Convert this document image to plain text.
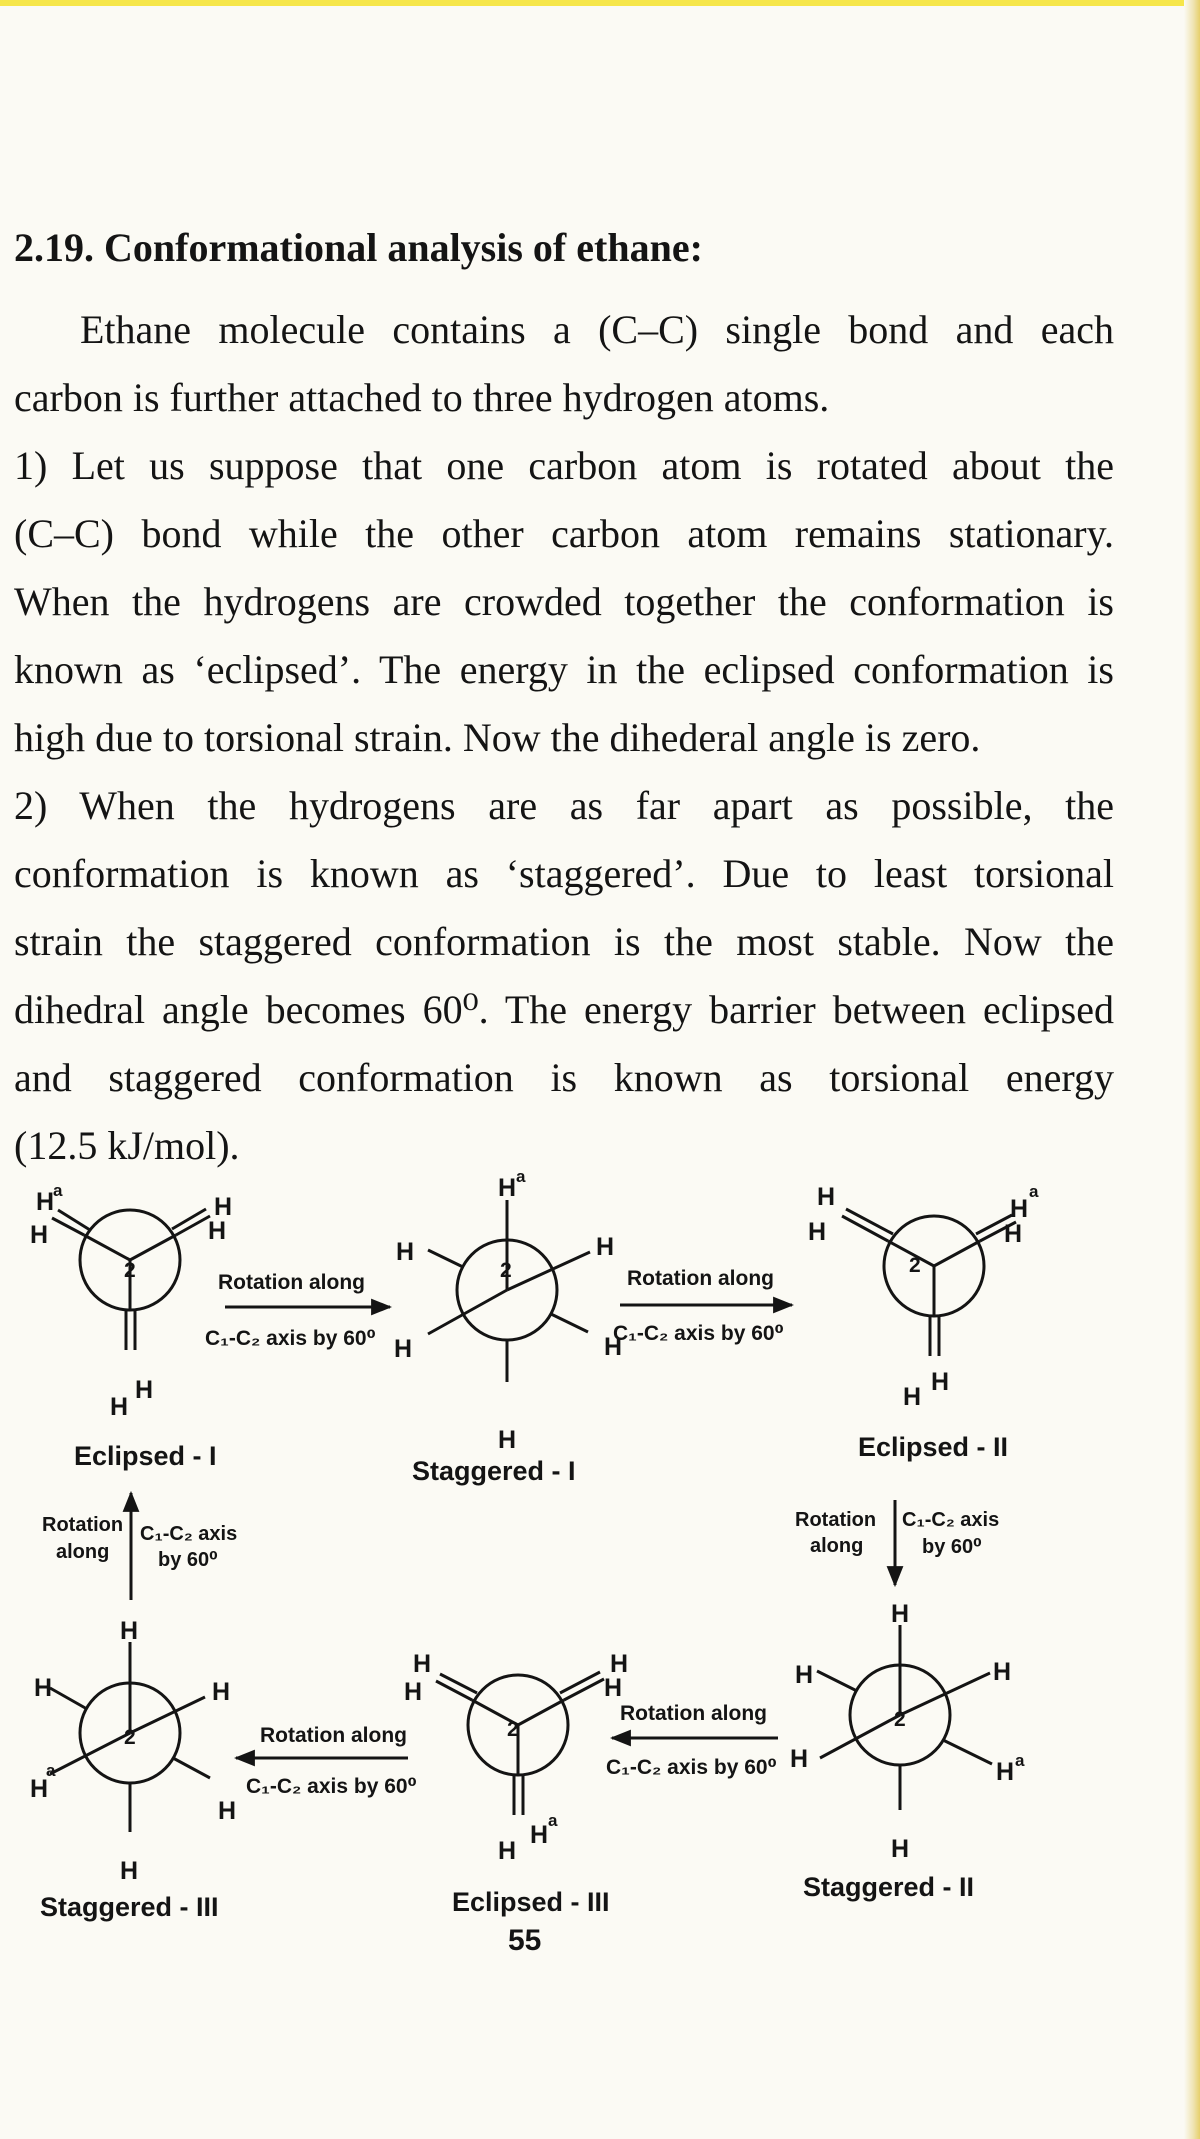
2.19. Conformational analysis of ethane:

Ethane molecule contains a (C–C) single bond and each
carbon is further attached to three hydrogen atoms.

1) Let us suppose that one carbon atom is rotated about the
(C–C) bond while the other carbon atom remains stationary.
When the hydrogens are crowded together the conformation is
known as ‘eclipsed’. The energy in the eclipsed conformation is
high due to torsional strain. Now the dihederal angle is zero.

2) When the hydrogens are as far apart as possible, the
conformation is known as ‘staggered’. Due to least torsional
strain the staggered conformation is the most stable. Now the
dihedral angle becomes 60⁰. The energy barrier between eclipsed
and staggered conformation is known as torsional energy
(12.5 kJ/mol).

2
H
a
H
H
H
H
H
Eclipsed - I
Rotation along
C₁-C₂ axis by 60⁰
2
H a
H	H
H	H
H
Staggered - I
Rotation along
C₁-C₂ axis by 60⁰
2
H
H
H
a
H
H
H
Eclipsed - II
Rotation
along
C₁-C₂ axis
by 60⁰
Rotation
along
C₁-C₂ axis
by 60⁰
2
H
H	H
H
a
H
H
Staggered - III
Rotation along
C₁-C₂ axis by 60⁰
2
H
H
H
H
H
a
H
Eclipsed - III
55
Rotation along
C₁-C₂ axis by 60⁰
2
H
H	H
H	H a
H
Staggered - II
